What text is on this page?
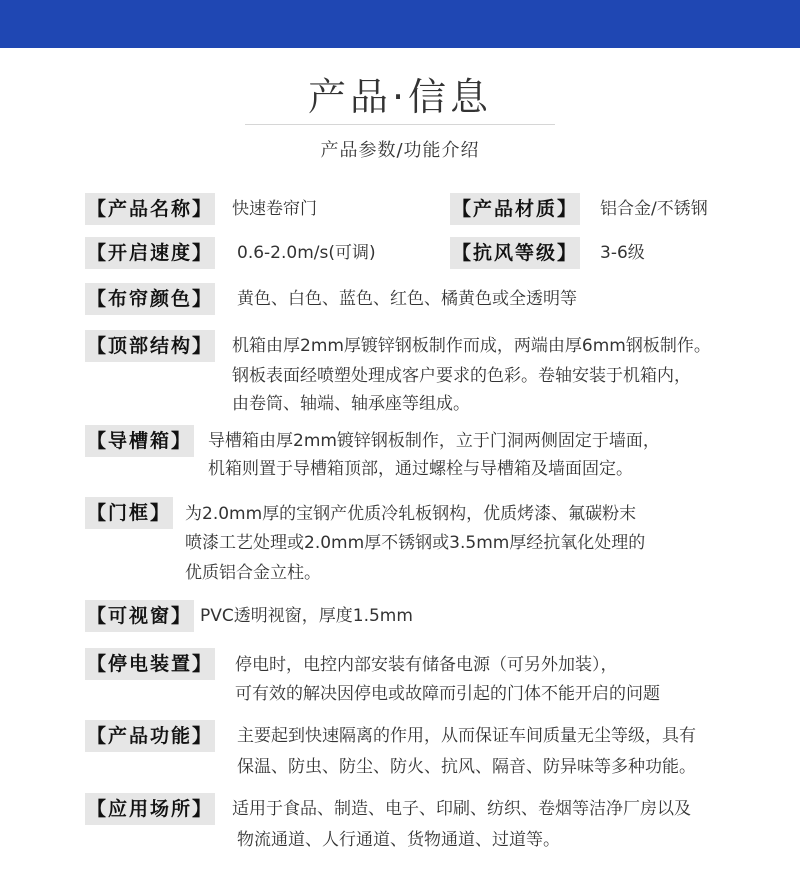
产品·信息
产品参数/功能介绍
【产品名称】 快速卷帘门	【产品材质】 铝合金/不锈钢
【开启速度】 0.6-2.0m/s(可调)	【抗风等级】 3-6级
【布帘颜色】 黄色、白色、蓝色、红色、橘黄色或全透明等
【顶部结构】 机箱由厚2mm厚镀锌钢板制作而成，两端由厚6mm钢板制作。
钢板表面经喷塑处理成客户要求的色彩。卷轴安装于机箱内，
由卷筒、轴端、轴承座等组成。
【导槽箱】 导槽箱由厚2mm镀锌钢板制作，立于门洞两侧固定于墙面，
机箱则置于导槽箱顶部，通过螺栓与导槽箱及墙面固定。
【门框】 为2.0mm厚的宝钢产优质冷轧板钢构，优质烤漆、氟碳粉末
喷漆工艺处理或2.0mm厚不锈钢或3.5mm厚经抗氧化处理的
优质铝合金立柱。
【可视窗】 PVC透明视窗，厚度1.5mm
【停电装置】 停电时，电控内部安装有储备电源（可另外加装），
可有效的解决因停电或故障而引起的门体不能开启的问题
【产品功能】 主要起到快速隔离的作用，从而保证车间质量无尘等级，具有
保温、防虫、防尘、防火、抗风、隔音、防异味等多种功能。
【应用场所】 适用于食品、制造、电子、印刷、纺织、卷烟等洁净厂房以及
物流通道、人行通道、货物通道、过道等。
